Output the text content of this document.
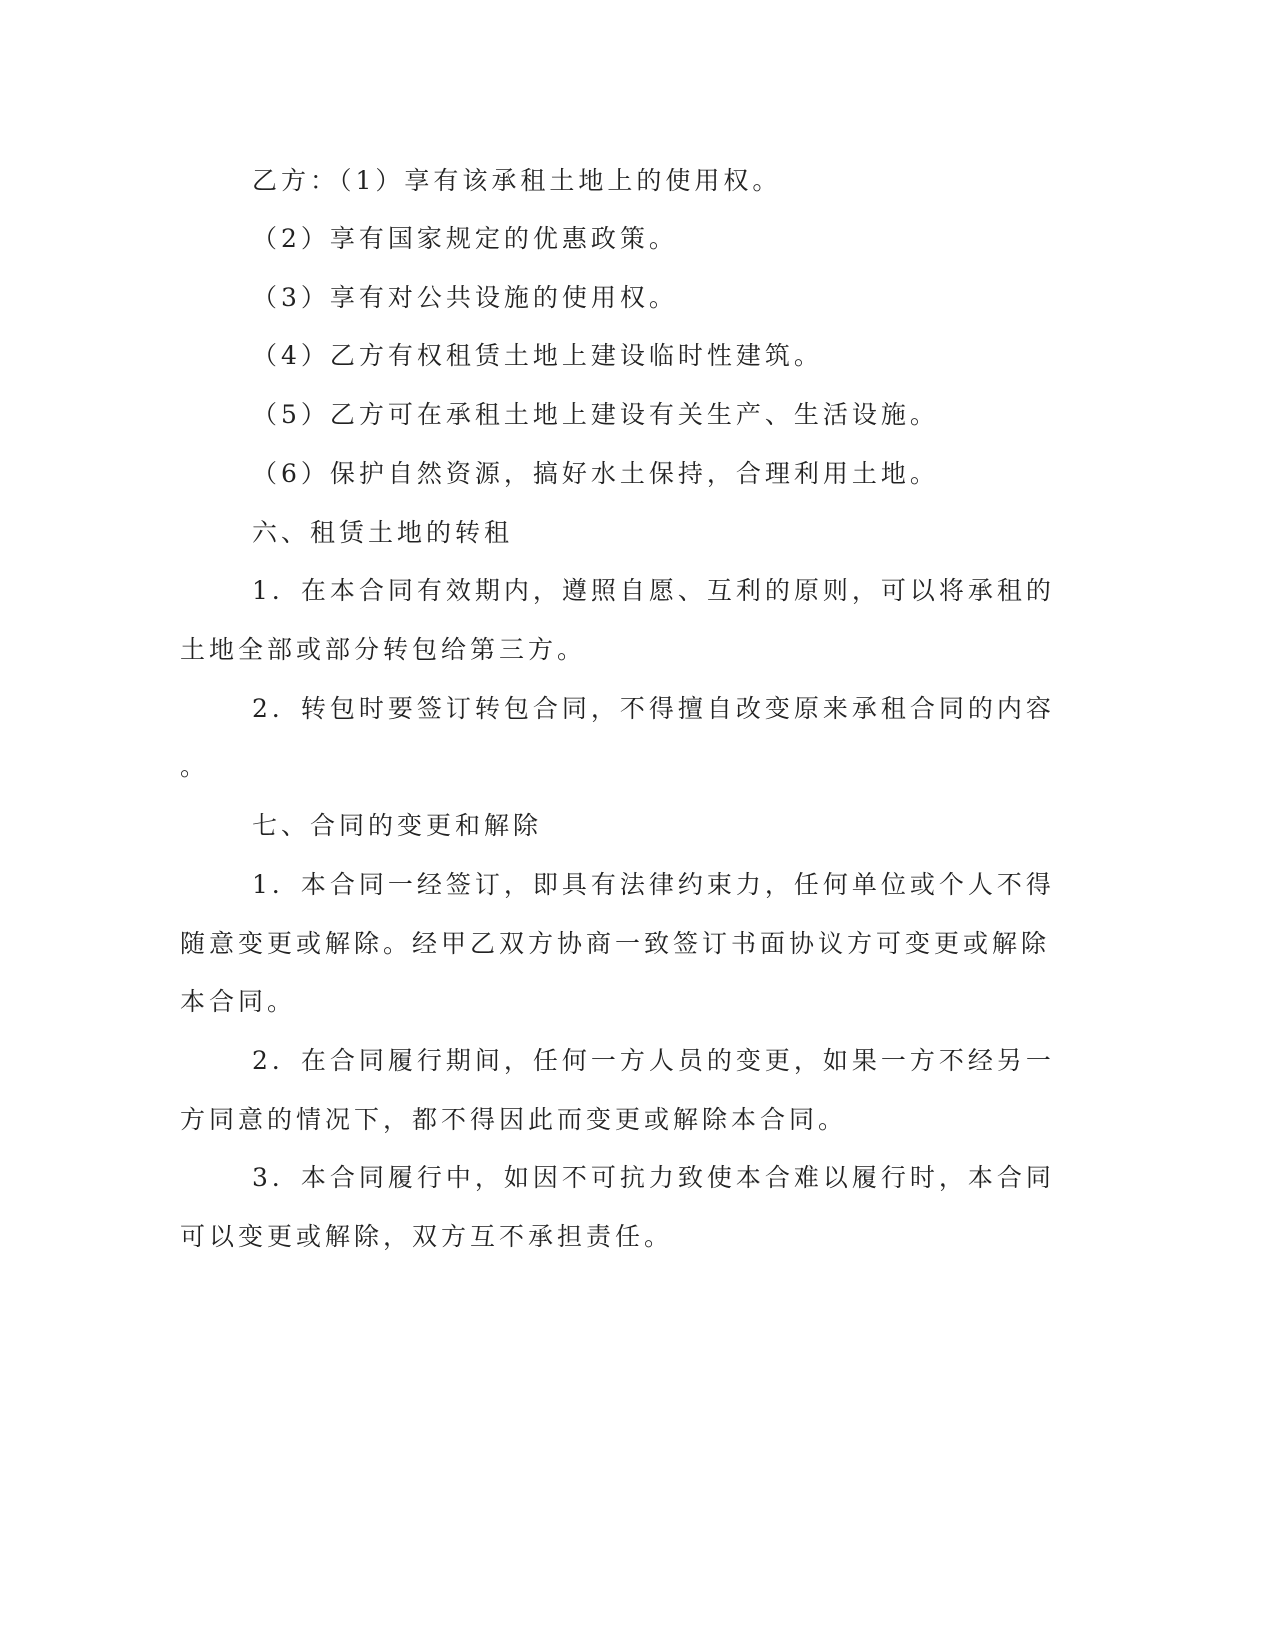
乙方：（1）享有该承租土地上的使用权。
（2）享有国家规定的优惠政策。
（3）享有对公共设施的使用权。
（4）乙方有权租赁土地上建设临时性建筑。
（5）乙方可在承租土地上建设有关生产、生活设施。
（6）保护自然资源，搞好水土保持，合理利用土地。
六、租赁土地的转租
1．在本合同有效期内，遵照自愿、互利的原则，可以将承租的
土地全部或部分转包给第三方。
2．转包时要签订转包合同，不得擅自改变原来承租合同的内容
。
七、合同的变更和解除
1．本合同一经签订，即具有法律约束力，任何单位或个人不得
随意变更或解除。经甲乙双方协商一致签订书面协议方可变更或解除
本合同。
2．在合同履行期间，任何一方人员的变更，如果一方不经另一
方同意的情况下，都不得因此而变更或解除本合同。
3．本合同履行中，如因不可抗力致使本合难以履行时，本合同
可以变更或解除，双方互不承担责任。
